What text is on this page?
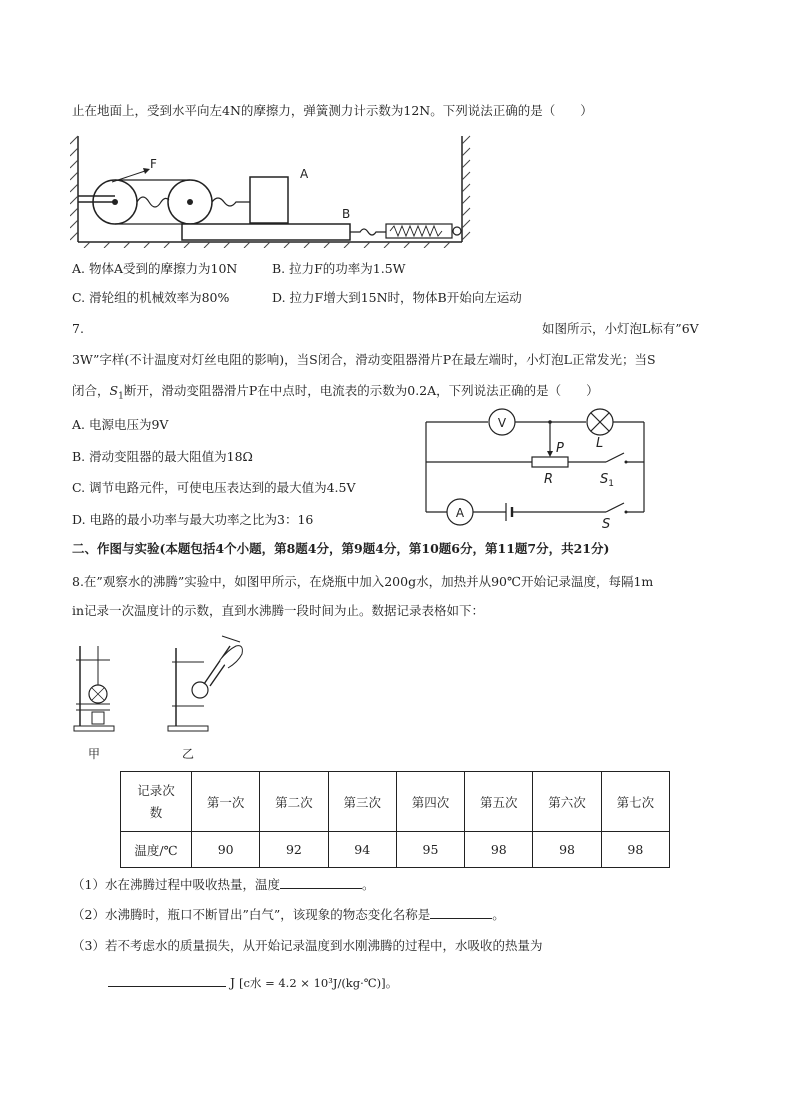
止在地面上，受到水平向左4N的摩擦力，弹簧测力计示数为12N。下列说法正确的是（　　）
F
A
B
A. 物体A受到的摩擦力为10N	B. 拉力F的功率为1.5W
C. 滑轮组的机械效率为80%	D. 拉力F增大到15N时，物体B开始向左运动
7.	如图所示，小灯泡L标有”6V
3W”字样(不计温度对灯丝电阻的影响)，当S闭合，滑动变阻器滑片P在最左端时，小灯泡L正常发光；当S
闭合，$S_1$断开，滑动变阻器滑片P在中点时，电流表的示数为0.2A，下列说法正确的是（　　）
A. 电源电压为9V
B. 滑动变阻器的最大阻值为18Ω
C. 调节电路元件，可使电压表达到的最大值为4.5V
D. 电路的最小功率与最大功率之比为3：16
V
P
R
L
$S_1$
A
S
二、作图与实验(本题包括4个小题，第8题4分，第9题4分，第10题6分，第11题7分，共21分)
8.在”观察水的沸腾”实验中，如图甲所示，在烧瓶中加入200g水，加热并从90℃开始记录温度，每隔1m
in记录一次温度计的示数，直到水沸腾一段时间为止。数据记录表格如下：
甲	乙
记录次
数	第一次	第二次	第三次	第四次	第五次	第六次	第七次
温度/℃	90	92	94	95	98	98	98
（1）水在沸腾过程中吸收热量，温度	。
（2）水沸腾时，瓶口不断冒出”白气”，该现象的物态变化名称是	。
（3）若不考虑水的质量损失，从开始记录温度到水刚沸腾的过程中，水吸收的热量为
J [c水 = 4.2 × 10³J/(kg·℃)]。
